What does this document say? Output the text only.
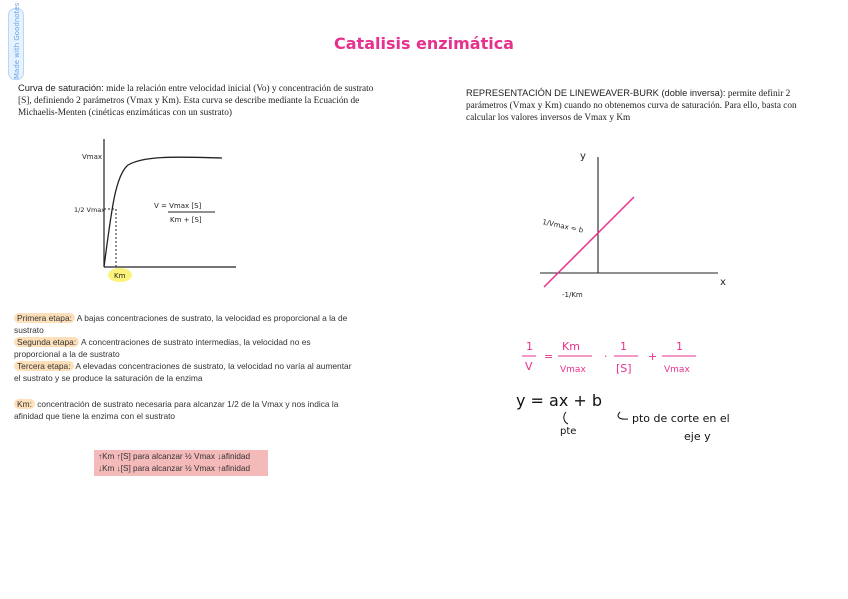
Made with Goodnotes	Catalisis enzimática
Curva de saturación: mide la relación entre velocidad inicial (Vo) y concentración de sustrato [S], definiendo 2 parámetros (Vmax y Km). Esta curva se describe mediante la Ecuación de Michaelis-Menten (cinéticas enzimáticas con un sustrato)
REPRESENTACIÓN DE LINEWEAVER-BURK (doble inversa): permite definir 2 parámetros (Vmax y Km) cuando no obtenemos curva de saturación. Para ello, basta con calcular los valores inversos de Vmax y Km
Vmax
1/2 Vmax
Km
V = Vmax [S]
Km + [S]
y
x
1/Vmax = b
-1/Km

Primera etapa: A bajas concentraciones de sustrato, la velocidad es proporcional a la de sustrato

Segunda etapa: A concentraciones de sustrato intermedias, la velocidad no es proporcional a la de sustrato

Tercera etapa: A elevadas concentraciones de sustrato, la velocidad no varía al aumentar el sustrato y se produce la saturación de la enzima

Km: concentración de sustrato necesaria para alcanzar 1/2 de la Vmax y nos indica la afinidad que tiene la enzima con el sustrato
↑Km ↑[S] para alcanzar ½ Vmax ↓afinidad
↓Km ↓[S] para alcanzar ½ Vmax ↑afinidad
1
V
=
Km
Vmax
·
1
[S]
+
1
Vmax
y = ax + b
pte
pto de corte en el
eje y
